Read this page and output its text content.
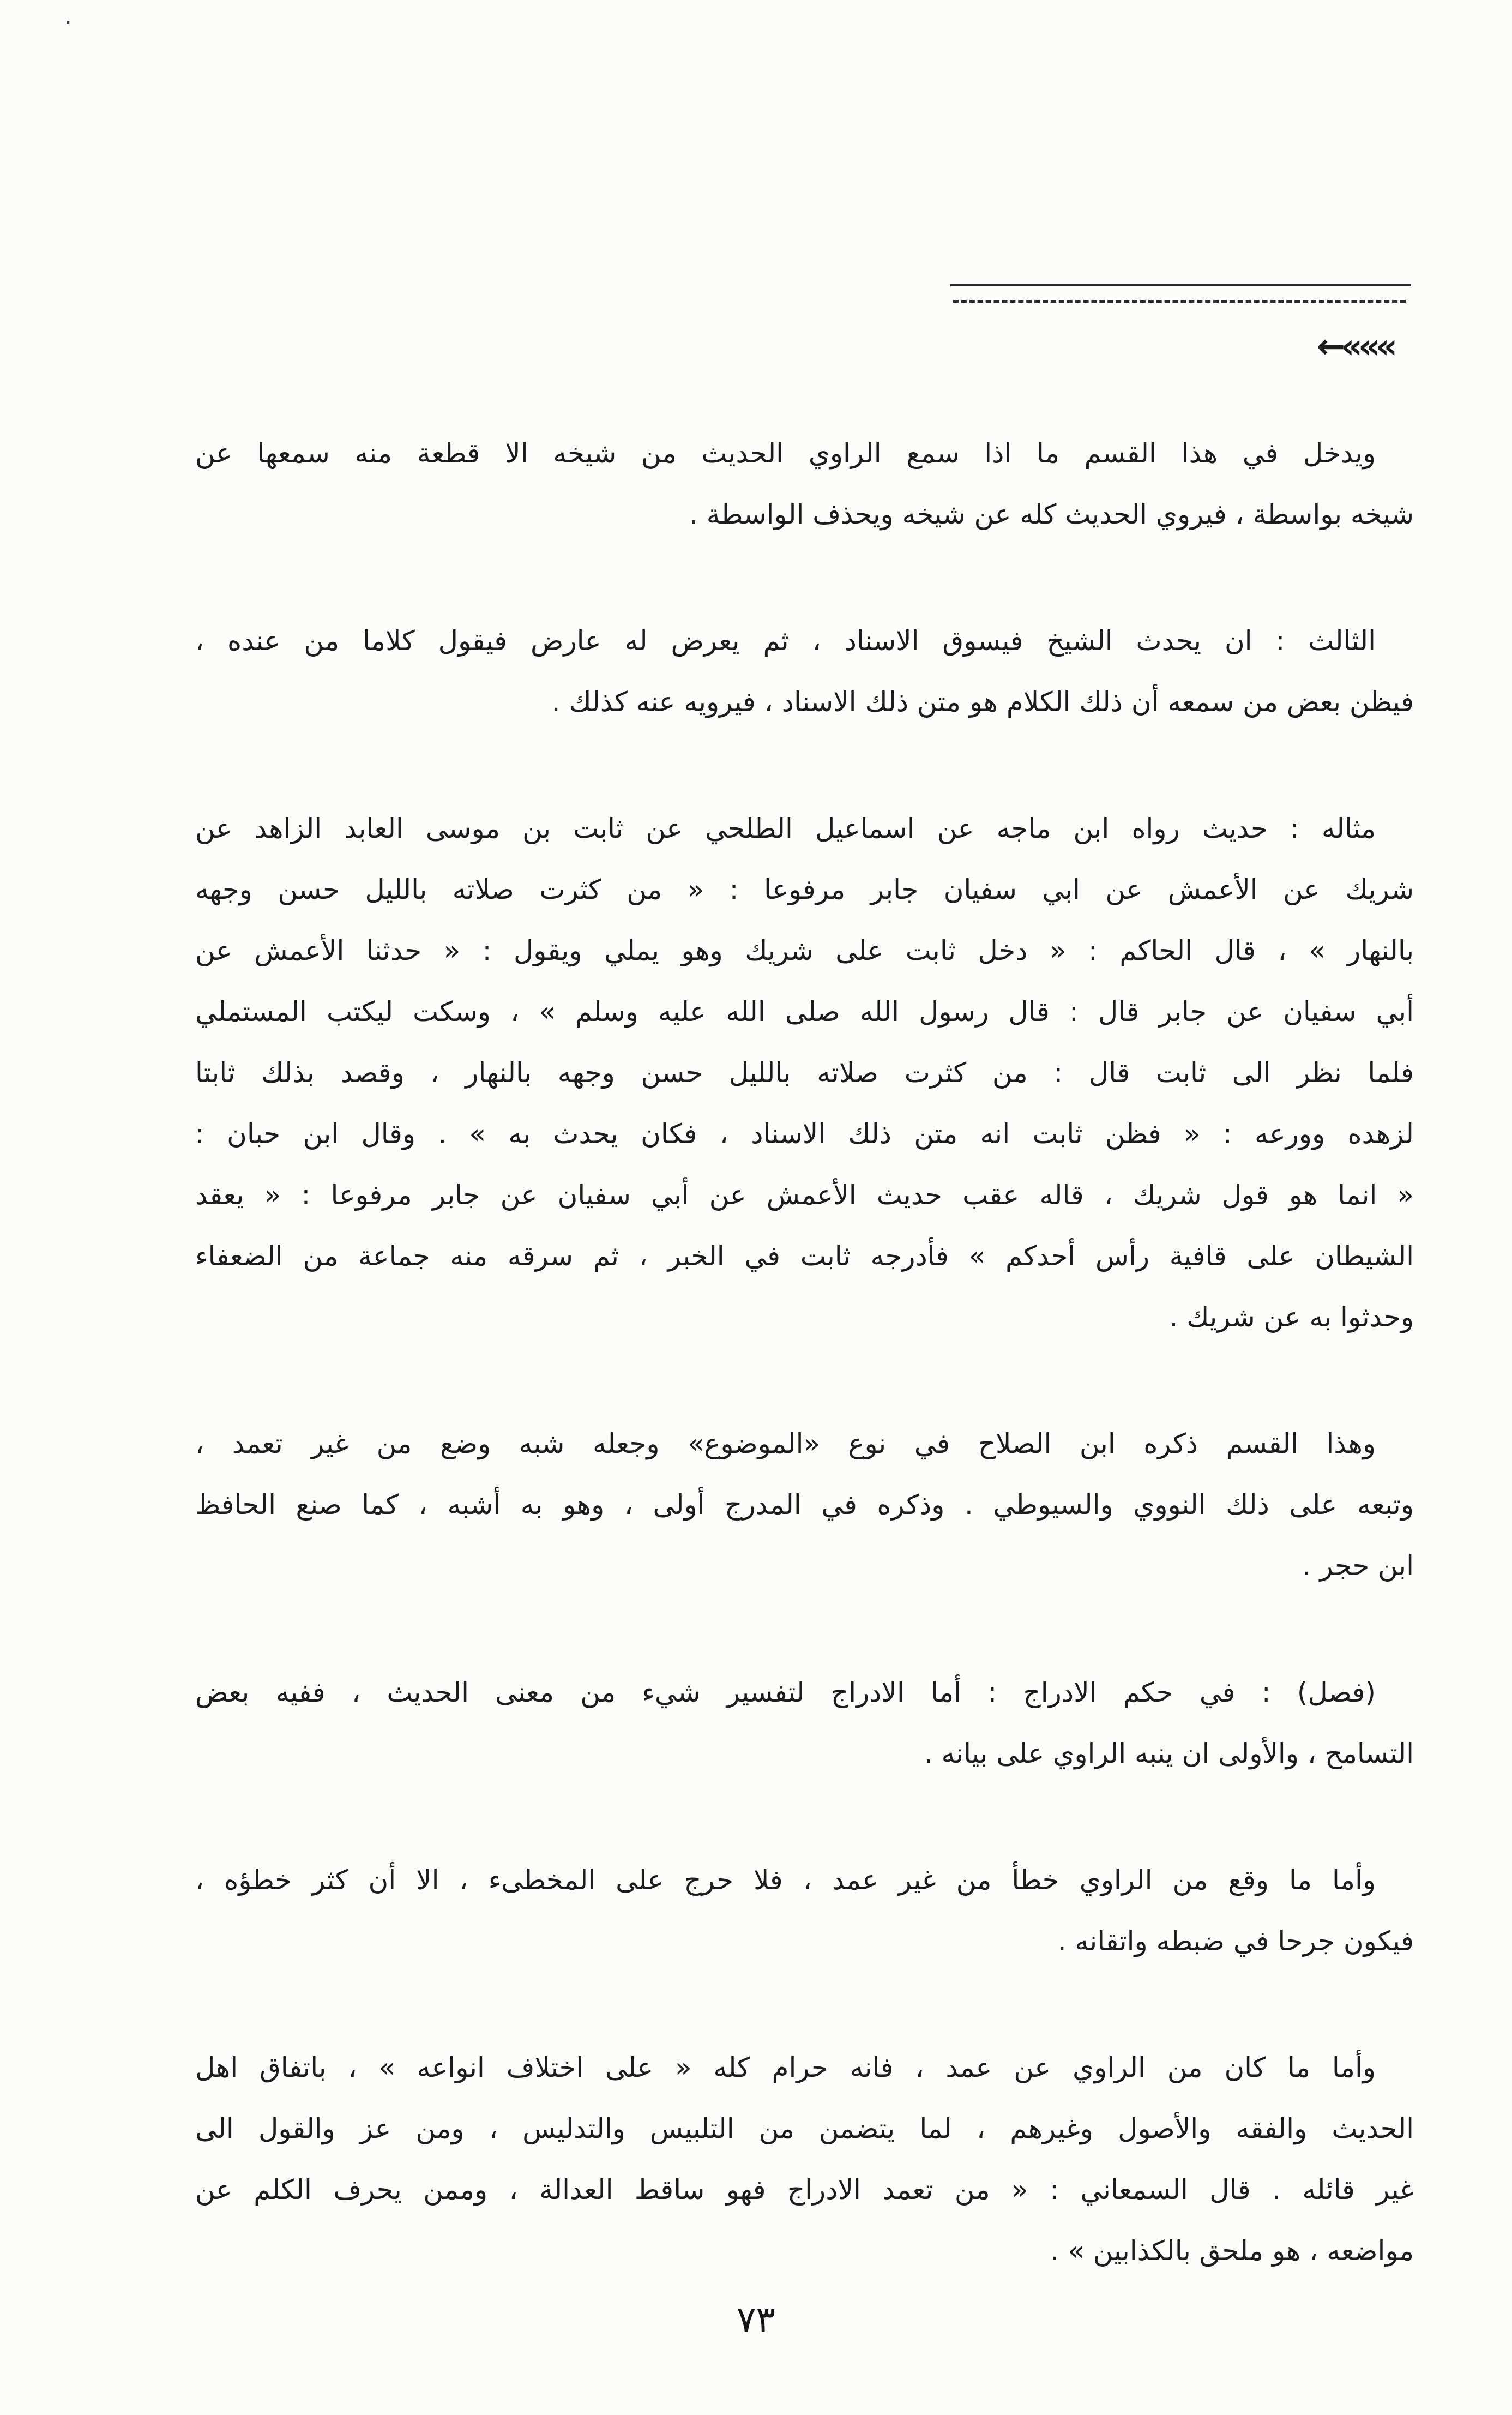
.
»»»→
ويدخل في هذا القسم ما اذا سمع الراوي الحديث من شيخه الا قطعة منه سمعها عن
شيخه بواسطة ، فيروي الحديث كله عن شيخه ويحذف الواسطة .
الثالث : ان يحدث الشيخ فيسوق الاسناد ، ثم يعرض له عارض فيقول كلاما من عنده ،
فيظن بعض من سمعه أن ذلك الكلام هو متن ذلك الاسناد ، فيرويه عنه كذلك .
مثاله : حديث رواه ابن ماجه عن اسماعيل الطلحي عن ثابت بن موسى العابد الزاهد عن
شريك عن الأعمش عن ابي سفيان جابر مرفوعا : « من كثرت صلاته بالليل حسن وجهه
بالنهار » ، قال الحاكم : « دخل ثابت على شريك وهو يملي ويقول : « حدثنا الأعمش عن
أبي سفيان عن جابر قال : قال رسول الله صلى الله عليه وسلم » ، وسكت ليكتب المستملي
فلما نظر الى ثابت قال : من كثرت صلاته بالليل حسن وجهه بالنهار ، وقصد بذلك ثابتا
لزهده وورعه : « فظن ثابت انه متن ذلك الاسناد ، فكان يحدث به » . وقال ابن حبان :
« انما هو قول شريك ، قاله عقب حديث الأعمش عن أبي سفيان عن جابر مرفوعا : « يعقد
الشيطان على قافية رأس أحدكم » فأدرجه ثابت في الخبر ، ثم سرقه منه جماعة من الضعفاء
وحدثوا به عن شريك .
وهذا القسم ذكره ابن الصلاح في نوع «الموضوع» وجعله شبه وضع من غير تعمد ،
وتبعه على ذلك النووي والسيوطي . وذكره في المدرج أولى ، وهو به أشبه ، كما صنع الحافظ
ابن حجر .
(فصل) : في حكم الادراج : أما الادراج لتفسير شيء من معنى الحديث ، ففيه بعض
التسامح ، والأولى ان ينبه الراوي على بيانه .
وأما ما وقع من الراوي خطأ من غير عمد ، فلا حرج على المخطىء ، الا أن كثر خطؤه ،
فيكون جرحا في ضبطه واتقانه .
وأما ما كان من الراوي عن عمد ، فانه حرام كله « على اختلاف انواعه » ، باتفاق اهل
الحديث والفقه والأصول وغيرهم ، لما يتضمن من التلبيس والتدليس ، ومن عز والقول الى
غير قائله . قال السمعاني : « من تعمد الادراج فهو ساقط العدالة ، وممن يحرف الكلم عن
مواضعه ، هو ملحق بالكذابين » .
٧٣
